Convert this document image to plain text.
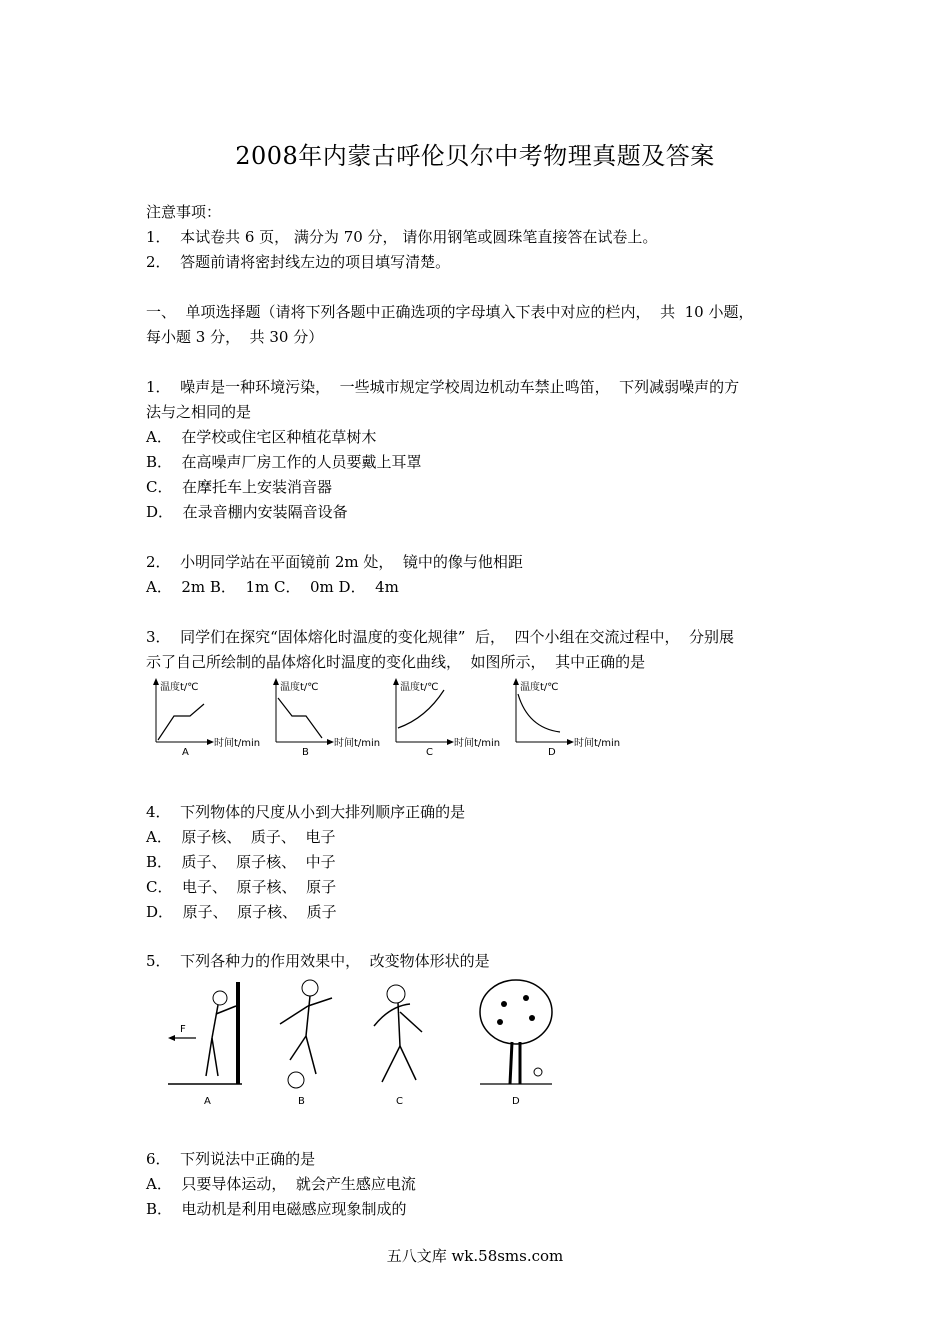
2008年内蒙古呼伦贝尔中考物理真题及答案
注意事项：
1．  本试卷共 6 页， 满分为 70 分， 请你用钢笔或圆珠笔直接答在试卷上。
2．  答题前请将密封线左边的项目填写清楚。
一、  单项选择题（请将下列各题中正确选项的字母填入下表中对应的栏内，  共  10 小题，
每小题 3 分，  共 30 分）
1．  噪声是一种环境污染，  一些城市规定学校周边机动车禁止鸣笛，  下列减弱噪声的方
法与之相同的是
A．  在学校或住宅区种植花草树木
B．  在高噪声厂房工作的人员要戴上耳罩
C．  在摩托车上安装消音器
D．  在录音棚内安装隔音设备
2．  小明同学站在平面镜前 2m 处，  镜中的像与他相距
A．  2m B．  1m C．  0m D．  4m
3．  同学们在探究“固体熔化时温度的变化规律”  后，  四个小组在交流过程中，  分别展
示了自己所绘制的晶体熔化时温度的变化曲线，  如图所示，  其中正确的是
温度t/℃
时间t/min
A
温度t/℃
时间t/min
B
温度t/℃
时间t/min
C
温度t/℃
时间t/min
D
4．  下列物体的尺度从小到大排列顺序正确的是
A．  原子核、  质子、  电子
B．  质子、  原子核、  中子
C．  电子、  原子核、  原子
D．  原子、  原子核、  质子
5．  下列各种力的作用效果中，  改变物体形状的是
F
A	B	C	D
6．  下列说法中正确的是
A．  只要导体运动，  就会产生感应电流
B．  电动机是利用电磁感应现象制成的
五八文库 wk.58sms.com
